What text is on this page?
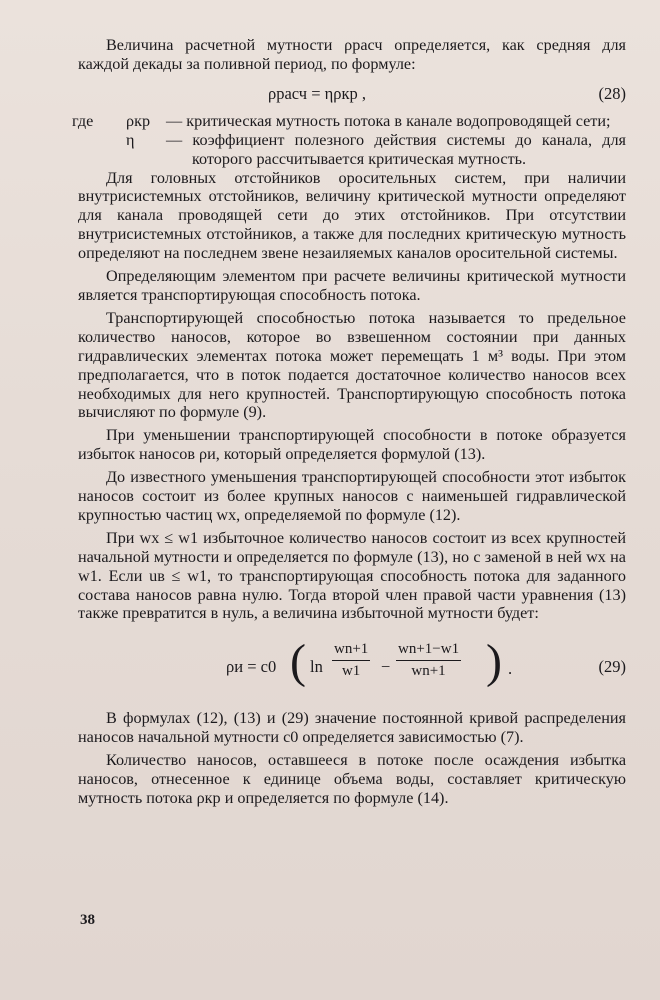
Величина расчетной мутности ρрасч определяется, как средняя для каждой декады за поливной период, по формуле:

ρрасч = ηρкр ,	(28)
где	ρкр — критическая мутность потока в канале водопроводящей сети;
η — коэффициент полезного действия системы до канала, для которого рассчитывается критическая мутность.

Для головных отстойников оросительных систем, при наличии внутрисистемных отстойников, величину критической мутности определяют для канала проводящей сети до этих отстойников. При отсутствии внутрисистемных отстойников, а также для последних критическую мутность определяют на последнем звене незаиляемых каналов оросительной системы.

Определяющим элементом при расчете величины критической мутности является транспортирующая способность потока.

Транспортирующей способностью потока называется то предельное количество наносов, которое во взвешенном состоянии при данных гидравлических элементах потока может перемещать 1 м³ воды. При этом предполагается, что в поток подается достаточное количество наносов всех необходимых для него крупностей. Транспортирующую способность потока вычисляют по формуле (9).

При уменьшении транспортирующей способности в потоке образуется избыток наносов ρи, который определяется формулой (13).

До известного уменьшения транспортирующей способности этот избыток наносов состоит из более крупных наносов с наименьшей гидравлической крупностью частиц wx, определяемой по формуле (12).

При wx ≤ w1 избыточное количество наносов состоит из всех крупностей начальной мутности и определяется по формуле (13), но с заменой в ней wx на w1. Если uв ≤ w1, то транспортирующая способность потока для заданного состава наносов равна нулю. Тогда второй член правой части уравнения (13) также превратится в нуль, а величина избыточной мутности будет:

ρи = c0 ( $\ln \frac{wn+1}{w1} - \frac{wn+1-w1}{wn+1}$ ) .	(29)

В формулах (12), (13) и (29) значение постоянной кривой распределения наносов начальной мутности c0 определяется зависимостью (7).

Количество наносов, оставшееся в потоке после осаждения избытка наносов, отнесенное к единице объема воды, составляет критическую мутность потока ρкр и определяется по формуле (14).

38
